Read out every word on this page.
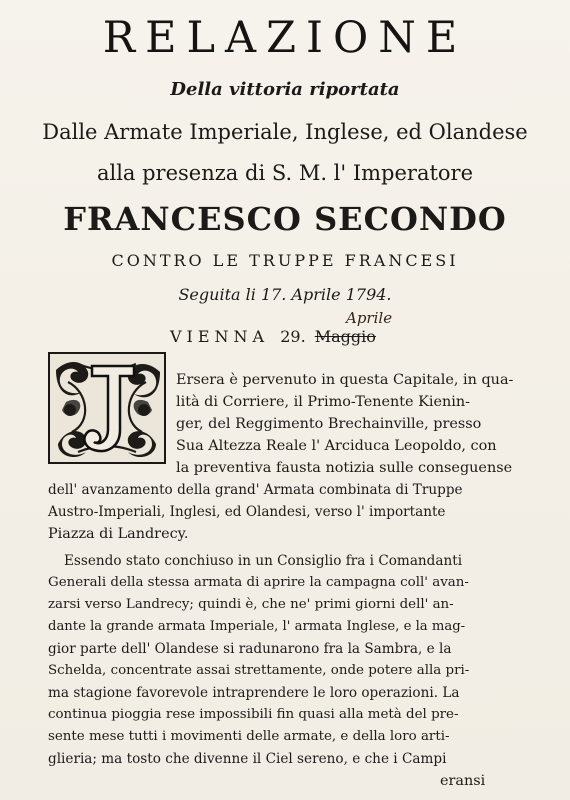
RELAZIONE
Della vittoria riportata
Dalle Armate Imperiale, Inglese, ed Olandese
alla presenza di S. M. l' Imperatore
FRANCESCO SECONDO
CONTRO LE TRUPPE FRANCESI
Seguita li 17. Aprile 1794.
VIENNA 29. Maggio
Aprile
Ersera è pervenuto in questa Capitale, in qua-
lità di Corriere, il Primo-Tenente Kienin-
ger, del Reggimento Brechainville, presso
Sua Altezza Reale l' Arciduca Leopoldo, con
la preventiva fausta notizia sulle conseguense
dell' avanzamento della grand' Armata combinata di Truppe
Austro-Imperiali, Inglesi, ed Olandesi, verso l' importante
Piazza di Landrecy.
Essendo stato conchiuso in un Consiglio fra i Comandanti
Generali della stessa armata di aprire la campagna coll' avan-
zarsi verso Landrecy; quindi è, che ne' primi giorni dell' an-
dante la grande armata Imperiale, l' armata Inglese, e la mag-
gior parte dell' Olandese si radunarono fra la Sambra, e la
Schelda, concentrate assai strettamente, onde potere alla pri-
ma stagione favorevole intraprendere le loro operazioni. La
continua pioggia rese impossibili fin quasi alla metà del pre-
sente mese tutti i movimenti delle armate, e della loro arti-
glieria; ma tosto che divenne il Ciel sereno, e che i Campi
eransi
